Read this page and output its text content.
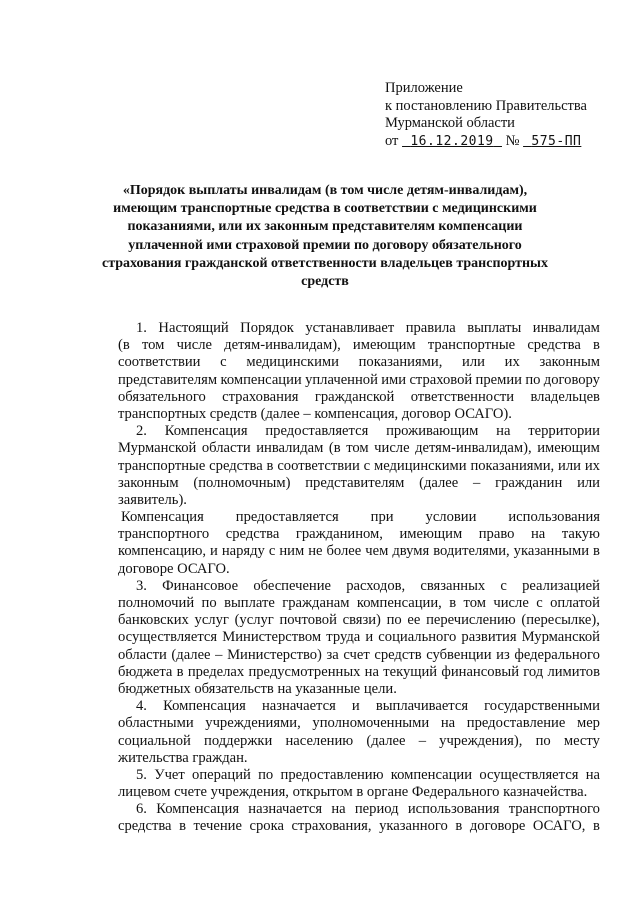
Приложение
к постановлению Правительства
Мурманской области
от 16.12.2019 № 575-ПП
«Порядок выплаты инвалидам (в том числе детям-инвалидам),
имеющим транспортные средства в соответствии с медицинскими
показаниями, или их законным представителям компенсации
уплаченной ими страховой премии по договору обязательного
страхования гражданской ответственности владельцев транспортных
средств
1. Настоящий Порядок устанавливает правила выплаты инвалидам
(в том числе детям-инвалидам), имеющим транспортные средства в
соответствии с медицинскими показаниями, или их законным
представителям компенсации уплаченной ими страховой премии по договору
обязательного страхования гражданской ответственности владельцев
транспортных средств (далее – компенсация, договор ОСАГО).
2. Компенсация предоставляется проживающим на территории
Мурманской области инвалидам (в том числе детям-инвалидам), имеющим
транспортные средства в соответствии с медицинскими показаниями, или их
законным (полномочным) представителям (далее – гражданин или
заявитель).
Компенсация предоставляется при условии использования
транспортного средства гражданином, имеющим право на такую
компенсацию, и наряду с ним не более чем двумя водителями, указанными в
договоре ОСАГО.
3. Финансовое обеспечение расходов, связанных с реализацией
полномочий по выплате гражданам компенсации, в том числе с оплатой
банковских услуг (услуг почтовой связи) по ее перечислению (пересылке),
осуществляется Министерством труда и социального развития Мурманской
области (далее – Министерство) за счет средств субвенции из федерального
бюджета в пределах предусмотренных на текущий финансовый год лимитов
бюджетных обязательств на указанные цели.
4. Компенсация назначается и выплачивается государственными
областными учреждениями, уполномоченными на предоставление мер
социальной поддержки населению (далее – учреждения), по месту
жительства граждан.
5. Учет операций по предоставлению компенсации осуществляется на
лицевом счете учреждения, открытом в органе Федерального казначейства.
6. Компенсация назначается на период использования транспортного
средства в течение срока страхования, указанного в договоре ОСАГО, в
